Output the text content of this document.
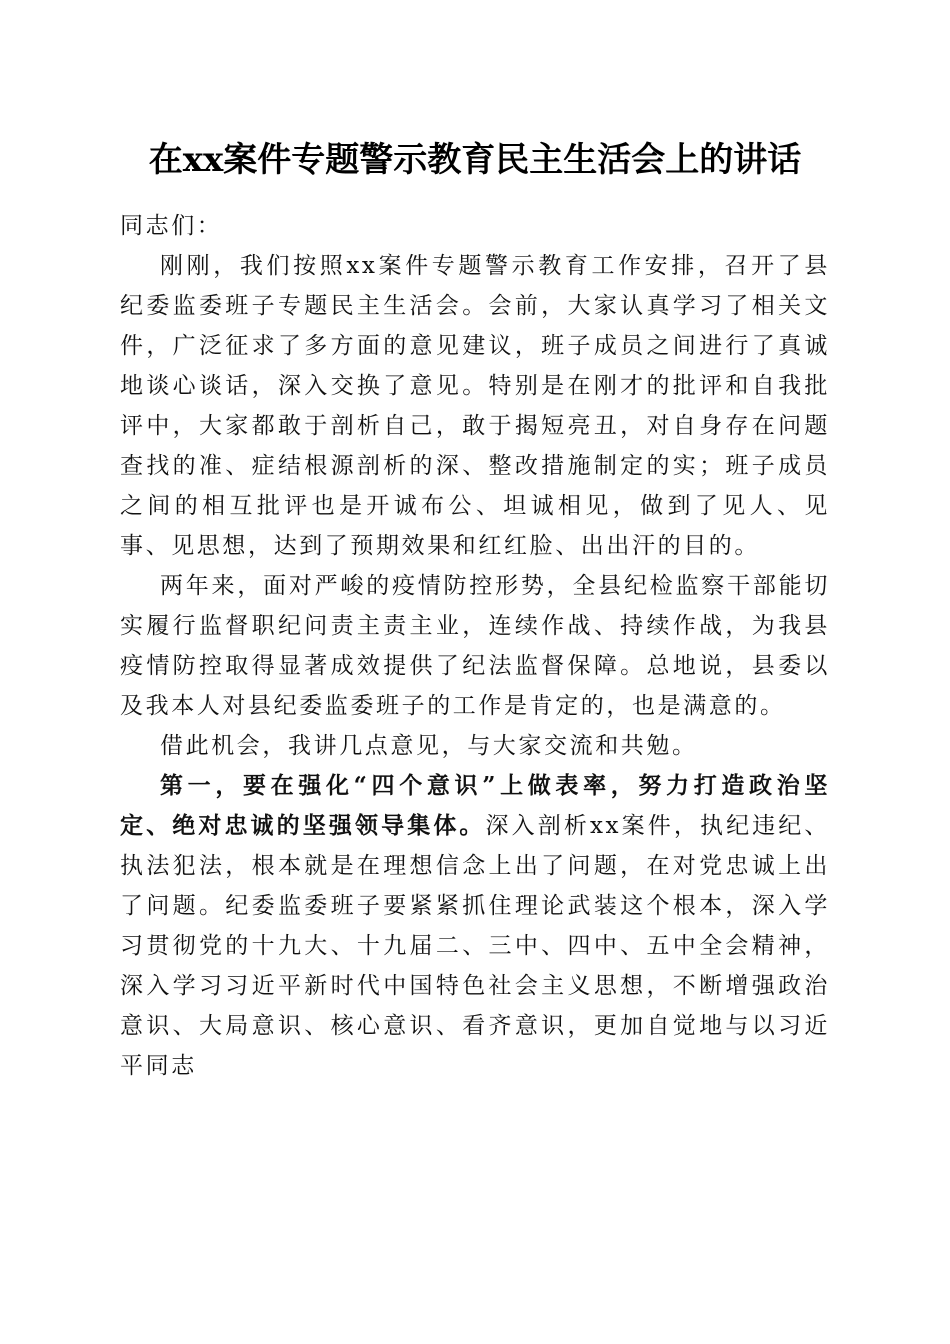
在xx案件专题警示教育民主生活会上的讲话

同志们：

刚刚，我们按照xx案件专题警示教育工作安排，召开了县纪委监委班子专题民主生活会。会前，大家认真学习了相关文件，广泛征求了多方面的意见建议，班子成员之间进行了真诚地谈心谈话，深入交换了意见。特别是在刚才的批评和自我批评中，大家都敢于剖析自己，敢于揭短亮丑，对自身存在问题查找的准、症结根源剖析的深、整改措施制定的实；班子成员之间的相互批评也是开诚布公、坦诚相见，做到了见人、见事、见思想，达到了预期效果和红红脸、出出汗的目的。

两年来，面对严峻的疫情防控形势，全县纪检监察干部能切实履行监督职纪问责主责主业，连续作战、持续作战，为我县疫情防控取得显著成效提供了纪法监督保障。总地说，县委以及我本人对县纪委监委班子的工作是肯定的，也是满意的。

借此机会，我讲几点意见，与大家交流和共勉。

第一，要在强化“四个意识”上做表率，努力打造政治坚定、绝对忠诚的坚强领导集体。深入剖析xx案件，执纪违纪、执法犯法，根本就是在理想信念上出了问题，在对党忠诚上出了问题。纪委监委班子要紧紧抓住理论武装这个根本，深入学习贯彻党的十九大、十九届二、三中、四中、五中全会精神，深入学习习近平新时代中国特色社会主义思想，不断增强政治意识、大局意识、核心意识、看齐意识，更加自觉地与以习近平同志
